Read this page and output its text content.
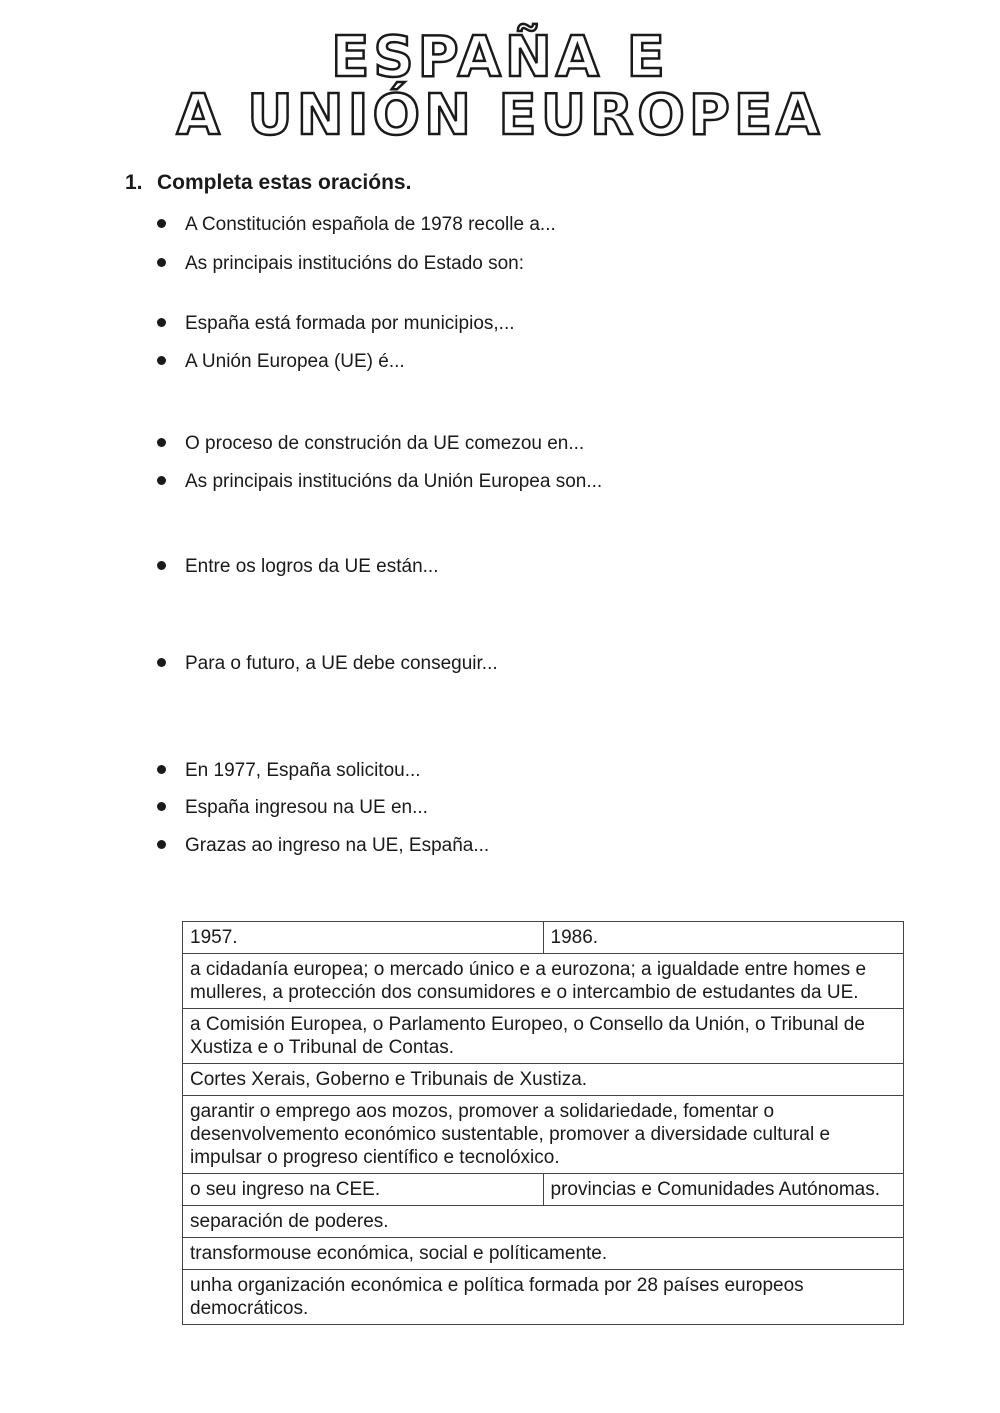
ESPAÑA E
A UNIÓN EUROPEA
1. Completa estas oracións.
A Constitución española de 1978 recolle a...
As principais institucións do Estado son:
España está formada por municipios,...
A Unión Europea (UE) é...
O proceso de construción da UE comezou en...
As principais institucións da Unión Europea son...
Entre os logros da UE están...
Para o futuro, a UE debe conseguir...
En 1977, España solicitou...
España ingresou na UE en...
Grazas ao ingreso na UE, España...
1957.	1986.
a cidadanía europea; o mercado único e a eurozona; a igualdade entre homes e mulleres, a protección dos consumidores e o intercambio de estudantes da UE.	
a Comisión Europea, o Parlamento Europeo, o Consello da Unión, o Tribunal de Xustiza e o Tribunal de Contas.	
Cortes Xerais, Goberno e Tribunais de Xustiza.	
garantir o emprego aos mozos, promover a solidariedade, fomentar o desenvolvemento económico sustentable, promover a diversidade cultural e impulsar o progreso científico e tecnolóxico.	
o seu ingreso na CEE.	provincias e Comunidades Autónomas.
separación de poderes.	
transformouse económica, social e políticamente.	
unha organización económica e política formada por 28 países europeos democráticos.	
